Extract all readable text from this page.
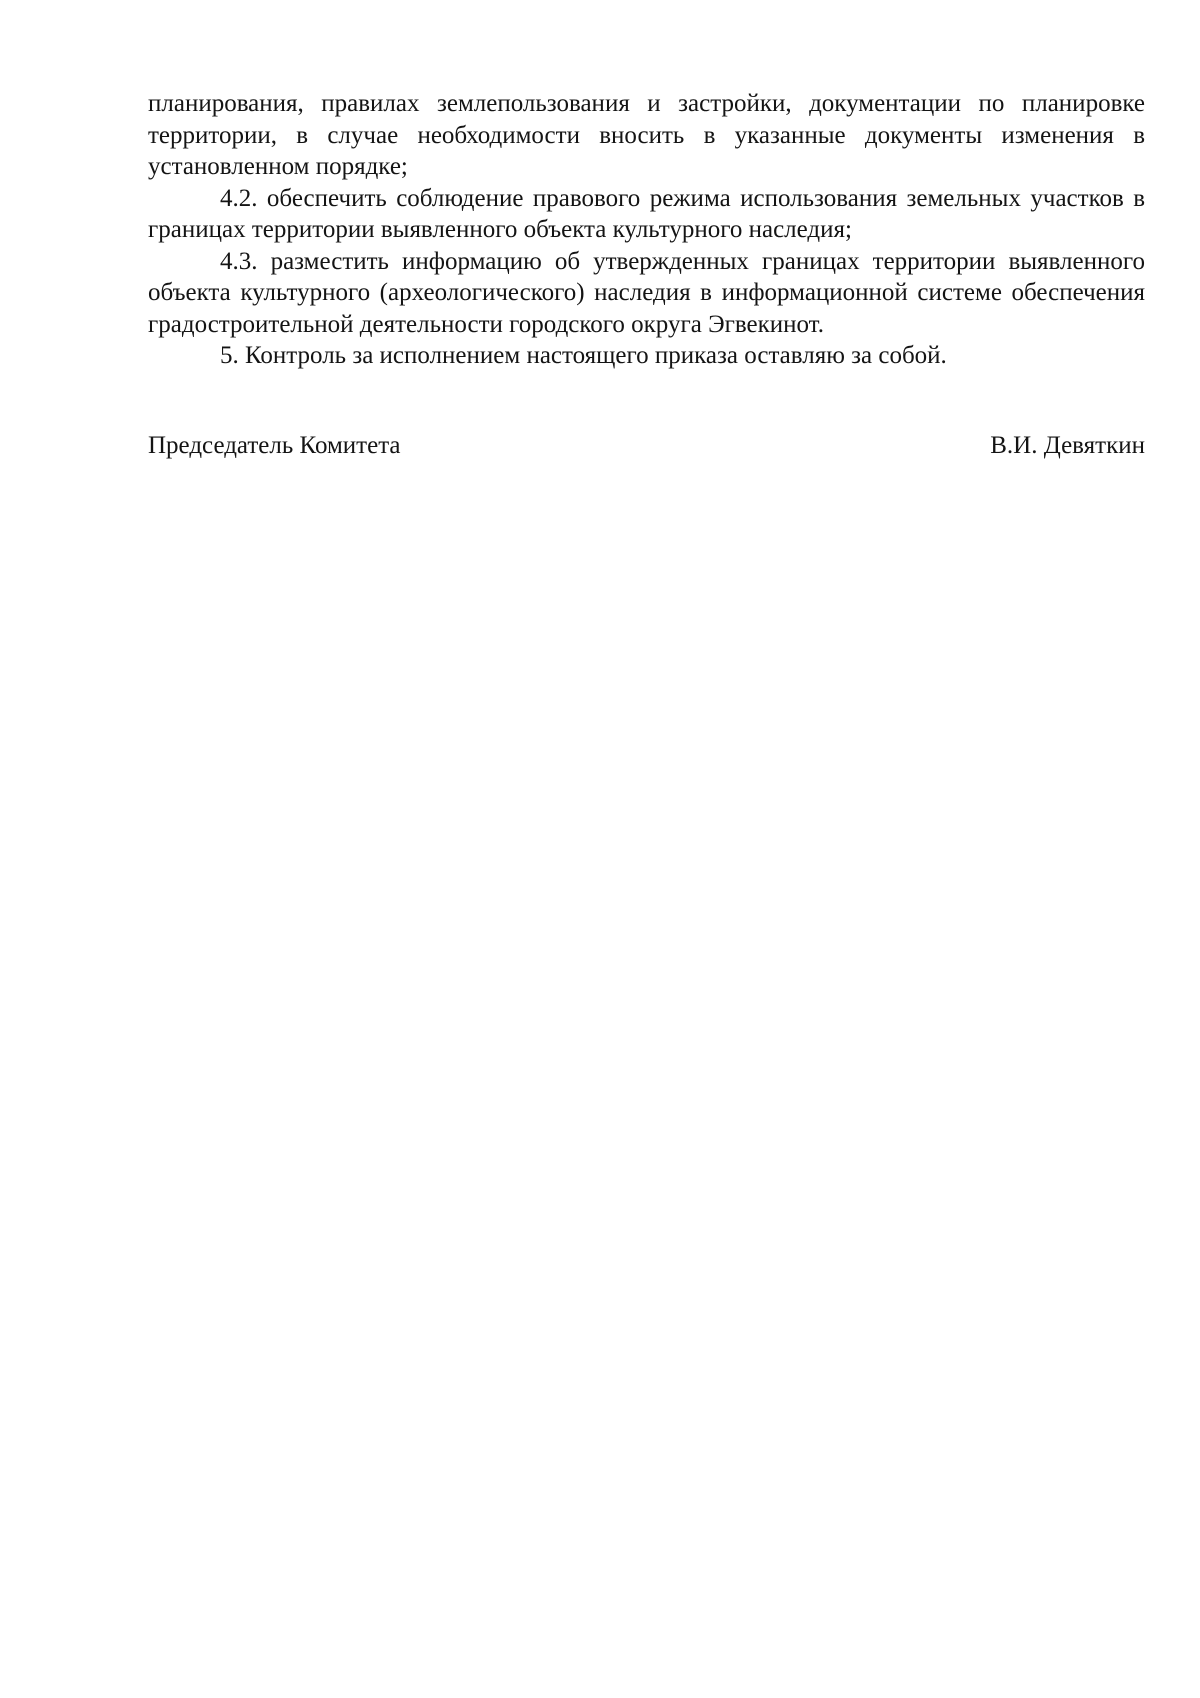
планирования, правилах землепользования и застройки, документации по планировке территории, в случае необходимости вносить в указанные документы изменения в установленном порядке;

4.2. обеспечить соблюдение правового режима использования земельных участков в границах территории выявленного объекта культурного наследия;

4.3. разместить информацию об утвержденных границах территории выявленного объекта культурного (археологического) наследия в информационной системе обеспечения градостроительной деятельности городского округа Эгвекинот.

5. Контроль за исполнением настоящего приказа оставляю за собой.

Председатель Комитета	В.И. Девяткин
